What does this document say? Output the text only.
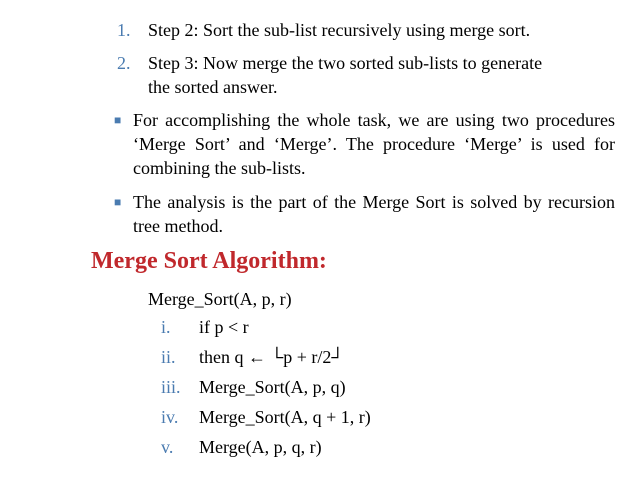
1. Step 2: Sort the sub-list recursively using merge sort.
2. Step 3: Now merge the two sorted sub-lists to generate
the sorted answer.
■ For accomplishing the whole task, we are using two procedures ‘Merge Sort’ and ‘Merge’. The procedure ‘Merge’ is used for combining the sub-lists.
■ The analysis is the part of the Merge Sort is solved by recursion tree method.
Merge Sort Algorithm:
Merge_Sort(A, p, r)
i. if p < r
ii. then q ← └p + r/2┘
iii. Merge_Sort(A, p, q)
iv. Merge_Sort(A, q + 1, r)
v. Merge(A, p, q, r)
